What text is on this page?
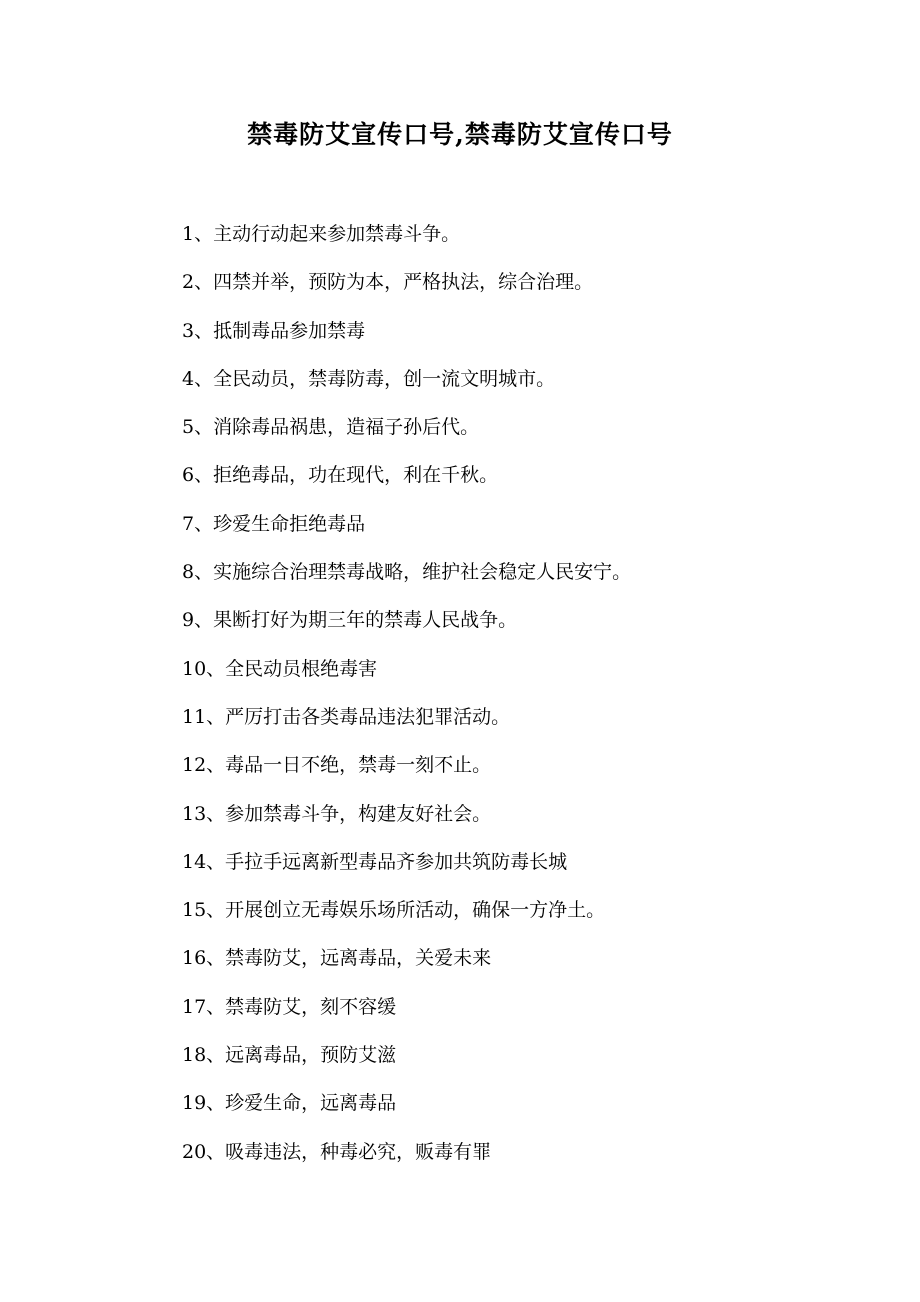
禁毒防艾宣传口号,禁毒防艾宣传口号
1、主动行动起来参加禁毒斗争。
2、四禁并举，预防为本，严格执法，综合治理。
3、抵制毒品参加禁毒
4、全民动员，禁毒防毒，创一流文明城市。
5、消除毒品祸患，造福子孙后代。
6、拒绝毒品，功在现代，利在千秋。
7、珍爱生命拒绝毒品
8、实施综合治理禁毒战略，维护社会稳定人民安宁。
9、果断打好为期三年的禁毒人民战争。
10、全民动员根绝毒害
11、严厉打击各类毒品违法犯罪活动。
12、毒品一日不绝，禁毒一刻不止。
13、参加禁毒斗争，构建友好社会。
14、手拉手远离新型毒品齐参加共筑防毒长城
15、开展创立无毒娱乐场所活动，确保一方净土。
16、禁毒防艾，远离毒品，关爱未来
17、禁毒防艾，刻不容缓
18、远离毒品，预防艾滋
19、珍爱生命，远离毒品
20、吸毒违法，种毒必究，贩毒有罪
